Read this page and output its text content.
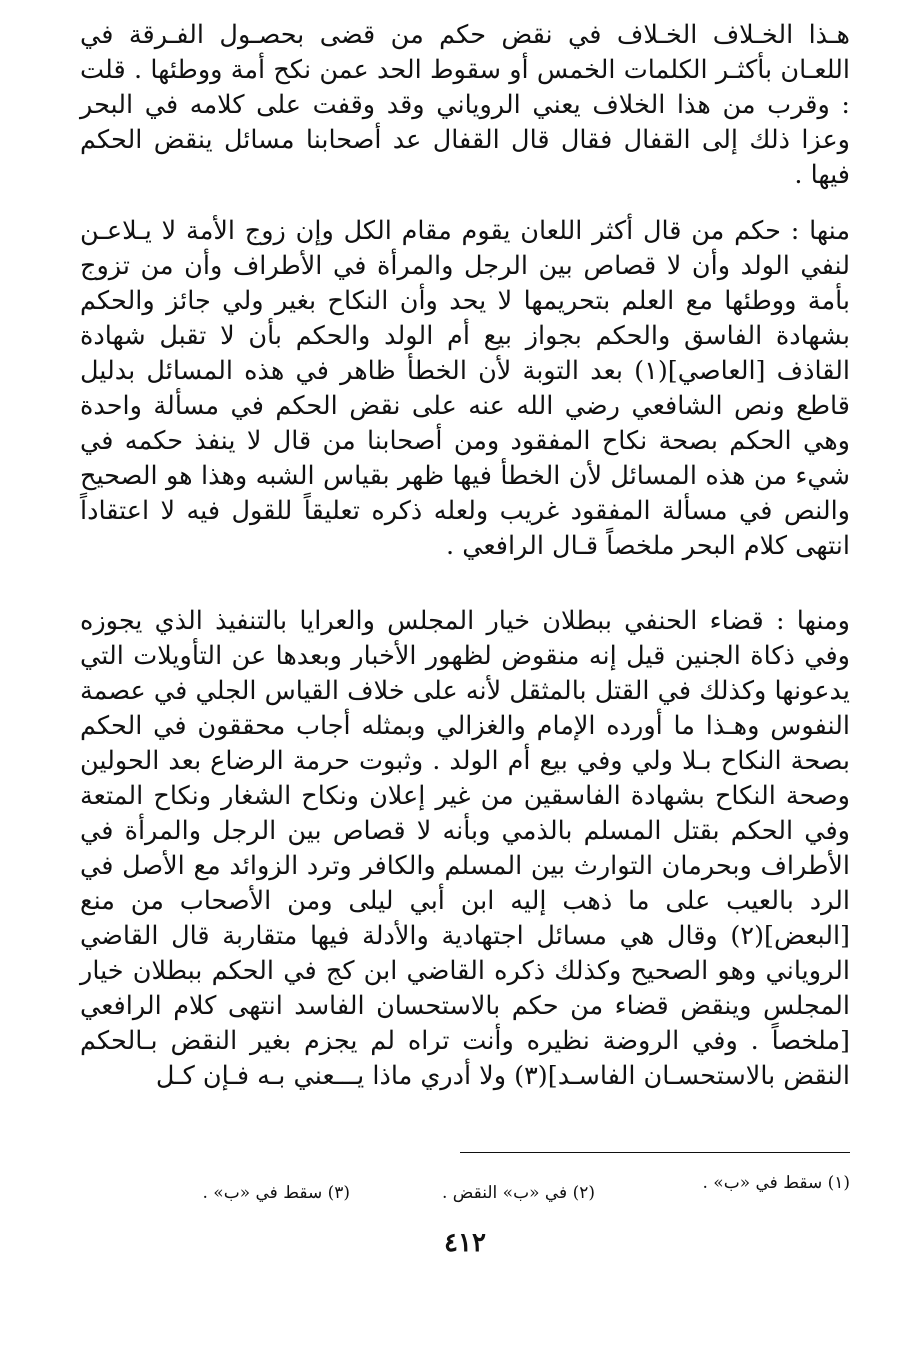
هـذا الخـلاف الخـلاف في نقض حكم من قضى بحصـول الفـرقة في اللعـان بأكثـر الكلمات الخمس أو سقوط الحد عمن نكح أمة ووطئها . قلت : وقرب من هذا الخلاف يعني الروياني وقد وقفت على كلامه في البحر وعزا ذلك إلى القفال فقال قال القفال عد أصحابنا مسائل ينقض الحكم فيها .

منها : حكم من قال أكثر اللعان يقوم مقام الكل وإن زوج الأمة لا يـلاعـن لنفي الولد وأن لا قصاص بين الرجل والمرأة في الأطراف وأن من تزوج بأمة ووطئها مع العلم بتحريمها لا يحد وأن النكاح بغير ولي جائز والحكم بشهادة الفاسق والحكم بجواز بيع أم الولد والحكم بأن لا تقبل شهادة القاذف [العاصي](١) بعد التوبة لأن الخطأ ظاهر في هذه المسائل بدليل قاطع ونص الشافعي رضي الله عنه على نقض الحكم في مسألة واحدة وهي الحكم بصحة نكاح المفقود ومن أصحابنا من قال لا ينفذ حكمه في شيء من هذه المسائل لأن الخطأ فيها ظهر بقياس الشبه وهذا هو الصحيح والنص في مسألة المفقود غريب ولعله ذكره تعليقاً للقول فيه لا اعتقاداً انتهى كلام البحر ملخصاً قـال الرافعي .

ومنها : قضاء الحنفي ببطلان خيار المجلس والعرايا بالتنفيذ الذي يجوزه وفي ذكاة الجنين قيل إنه منقوض لظهور الأخبار وبعدها عن التأويلات التي يدعونها وكذلك في القتل بالمثقل لأنه على خلاف القياس الجلي في عصمة النفوس وهـذا ما أورده الإمام والغزالي وبمثله أجاب محققون في الحكم بصحة النكاح بـلا ولي وفي بيع أم الولد . وثبوت حرمة الرضاع بعد الحولين وصحة النكاح بشهادة الفاسقين من غير إعلان ونكاح الشغار ونكاح المتعة وفي الحكم بقتل المسلم بالذمي وبأنه لا قصاص بين الرجل والمرأة في الأطراف وبحرمان التوارث بين المسلم والكافر وترد الزوائد مع الأصل في الرد بالعيب على ما ذهب إليه ابن أبي ليلى ومن الأصحاب من منع [البعض](٢) وقال هي مسائل اجتهادية والأدلة فيها متقاربة قال القاضي الروياني وهو الصحيح وكذلك ذكره القاضي ابن كج في الحكم ببطلان خيار المجلس وينقض قضاء من حكم بالاستحسان الفاسد انتهى كلام الرافعي [ملخصاً . وفي الروضة نظيره وأنت تراه لم يجزم بغير النقض بـالحكم النقض بالاستحسـان الفاسـد](٣) ولا أدري ماذا يـــعني بـه فـإن كـل

(١) سقط في «ب» .
(٢) في «ب» النقض .
(٣) سقط في «ب» .
٤١٢
